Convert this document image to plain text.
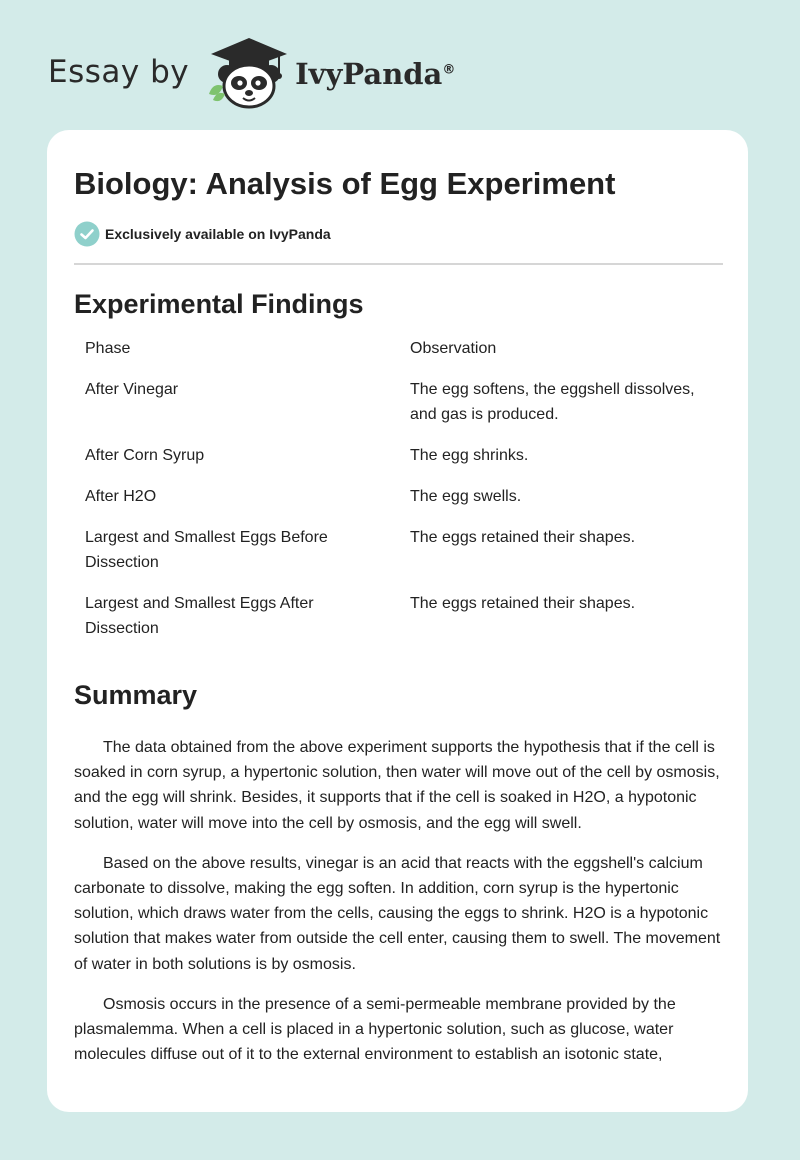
Essay by	IvyPanda®
Biology: Analysis of Egg Experiment
Exclusively available on IvyPanda
Experimental Findings
Phase	Observation
After Vinegar	The egg softens, the eggshell dissolves, and gas is produced.
After Corn Syrup	The egg shrinks.
After H2O	The egg swells.
Largest and Smallest Eggs Before Dissection	The eggs retained their shapes.
Largest and Smallest Eggs After Dissection	The eggs retained their shapes.
Summary

The data obtained from the above experiment supports the hypothesis that if the cell is soaked in corn syrup, a hypertonic solution, then water will move out of the cell by osmosis, and the egg will shrink. Besides, it supports that if the cell is soaked in H2O, a hypotonic solution, water will move into the cell by osmosis, and the egg will swell.

Based on the above results, vinegar is an acid that reacts with the eggshell's calcium carbonate to dissolve, making the egg soften. In addition, corn syrup is the hypertonic solution, which draws water from the cells, causing the eggs to shrink. H2O is a hypotonic solution that makes water from outside the cell enter, causing them to swell. The movement of water in both solutions is by osmosis.

Osmosis occurs in the presence of a semi-permeable membrane provided by the plasmalemma. When a cell is placed in a hypertonic solution, such as glucose, water molecules diffuse out of it to the external environment to establish an isotonic state,
